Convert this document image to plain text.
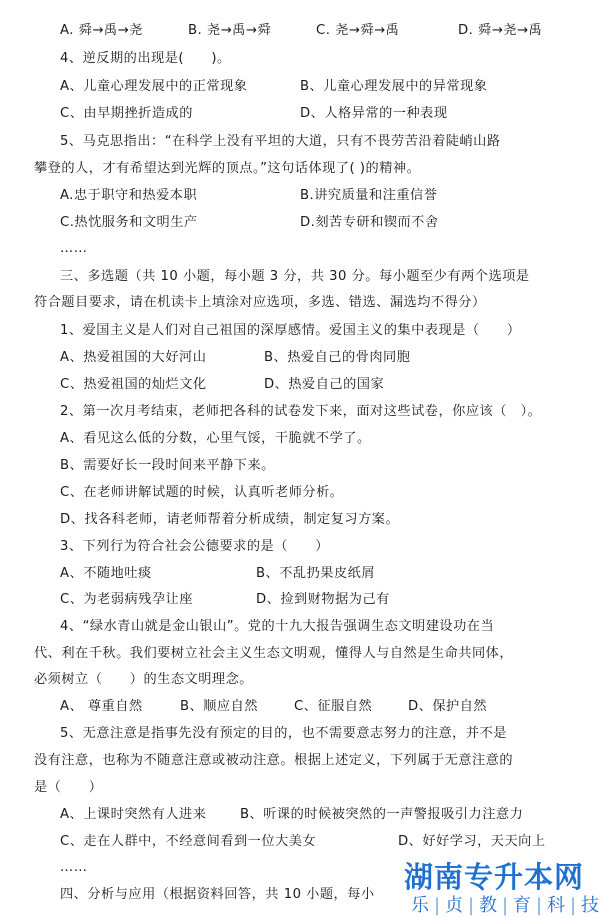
A. 舜→禹→尧	B. 尧→禹→舜	C. 尧→舜→禹	D. 舜→尧→禹
4、逆反期的出现是(　　)。
A、儿童心理发展中的正常现象	B、儿童心理发展中的异常现象
C、由早期挫折造成的	D、人格异常的一种表现
5、马克思指出：“在科学上没有平坦的大道，只有不畏劳苦沿着陡峭山路
攀登的人，才有希望达到光辉的顶点。”这句话体现了( )的精神。
A.忠于职守和热爱本职	B.讲究质量和注重信誉
C.热忱服务和文明生产	D.刻苦专研和锲而不舍
……
三、多选题（共 10 小题，每小题 3 分，共 30 分。每小题至少有两个选项是
符合题目要求，请在机读卡上填涂对应选项，多选、错选、漏选均不得分）
1、爱国主义是人们对自己祖国的深厚感情。爱国主义的集中表现是（　　）
A、热爱祖国的大好河山	B、热爱自己的骨肉同胞
C、热爱祖国的灿烂文化	D、热爱自己的国家
2、第一次月考结束，老师把各科的试卷发下来，面对这些试卷，你应该（　）。
A、看见这么低的分数，心里气馁，干脆就不学了。
B、需要好长一段时间来平静下来。
C、在老师讲解试题的时候，认真听老师分析。
D、找各科老师，请老师帮着分析成绩，制定复习方案。
3、下列行为符合社会公德要求的是（　　）
A、不随地吐痰	B、不乱扔果皮纸屑
C、为老弱病残孕让座	D、捡到财物据为己有
4、“绿水青山就是金山银山”。党的十九大报告强调生态文明建设功在当
代、利在千秋。我们要树立社会主义生态文明观，懂得人与自然是生命共同体，
必须树立（　　）的生态文明理念。
A、 尊重自然	B、顺应自然	C、征服自然	D、保护自然
5、无意注意是指事先没有预定的目的，也不需要意志努力的注意，并不是
没有注意，也称为不随意注意或被动注意。根据上述定义，下列属于无意注意的
是（　　）
A、上课时突然有人进来	B、听课的时候被突然的一声警报吸引力注意力
C、走在人群中，不经意间看到一位大美女	D、好好学习，天天向上
……
四、分析与应用（根据资料回答，共 10 小题，每小
湖南专升本网
乐 | 贞 | 教 | 育 | 科 | 技
